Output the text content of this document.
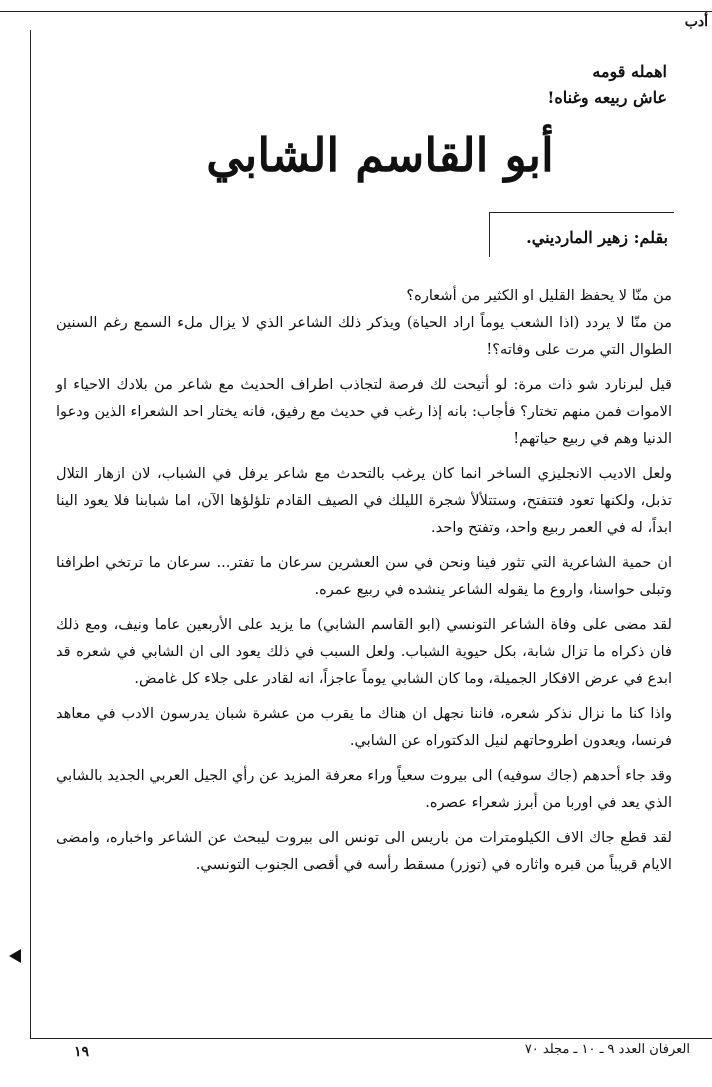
أدب
اهمله قومه
عاش ربيعه وغناه!
أبو القاسم الشابي
بقلم: زهير المارديني.

من منّا لا يحفظ القليل او الكثير من أشعاره؟

من منّا لا يردد (اذا الشعب يوماً اراد الحياة) ويذكر ذلك الشاعر الذي لا يزال ملء السمع رغم السنين الطوال التي مرت على وفاته؟!

قيل لبرنارد شو ذات مرة: لو أتيحت لك فرصة لتجاذب اطراف الحديث مع شاعر من بلادك الاحياء او الاموات فمن منهم تختار؟ فأجاب: بانه إذا رغب في حديث مع رفيق، فانه يختار احد الشعراء الذين ودعوا الدنيا وهم في ربيع حياتهم!

ولعل الاديب الانجليزي الساخر انما كان يرغب بالتحدث مع شاعر يرفل في الشباب، لان ازهار التلال تذبل، ولكنها تعود فتتفتح، وستتلألأ شجرة الليلك في الصيف القادم تلؤلؤها الآن، اما شبابنا فلا يعود الينا ابداً، له في العمر ربيع واحد، وتفتح واحد.

ان حمية الشاعرية التي تثور فينا ونحن في سن العشرين سرعان ما تفتر... سرعان ما ترتخي اطرافنا وتبلى حواسنا، واروع ما يقوله الشاعر ينشده في ربيع عمره.

لقد مضى على وفاة الشاعر التونسي (ابو القاسم الشابي) ما يزيد على الأربعين عاما ونيف، ومع ذلك فان ذكراه ما تزال شابة، بكل حيوية الشباب. ولعل السبب في ذلك يعود الى ان الشابي في شعره قد ابدع في عرض الافكار الجميلة، وما كان الشابي يوماً عاجزاً، انه لقادر على جلاء كل غامض.

واذا كنا ما نزال نذكر شعره، فاننا نجهل ان هناك ما يقرب من عشرة شبان يدرسون الادب في معاهد فرنسا، ويعدون اطروحاتهم لنيل الدكتوراه عن الشابي.

وقد جاء أحدهم (جاك سوفيه) الى بيروت سعياً وراء معرفة المزيد عن رأي الجيل العربي الجديد بالشابي الذي يعد في اوربا من أبرز شعراء عصره.

لقد قطع جاك الاف الكيلومترات من باريس الى تونس الى بيروت ليبحث عن الشاعر واخباره، وامضى الايام قريباً من قبره واثاره في (توزر) مسقط رأسه في أقصى الجنوب التونسي.

١٩	العرفان العدد ٩ ـ ١٠ ـ مجلد ٧٠
